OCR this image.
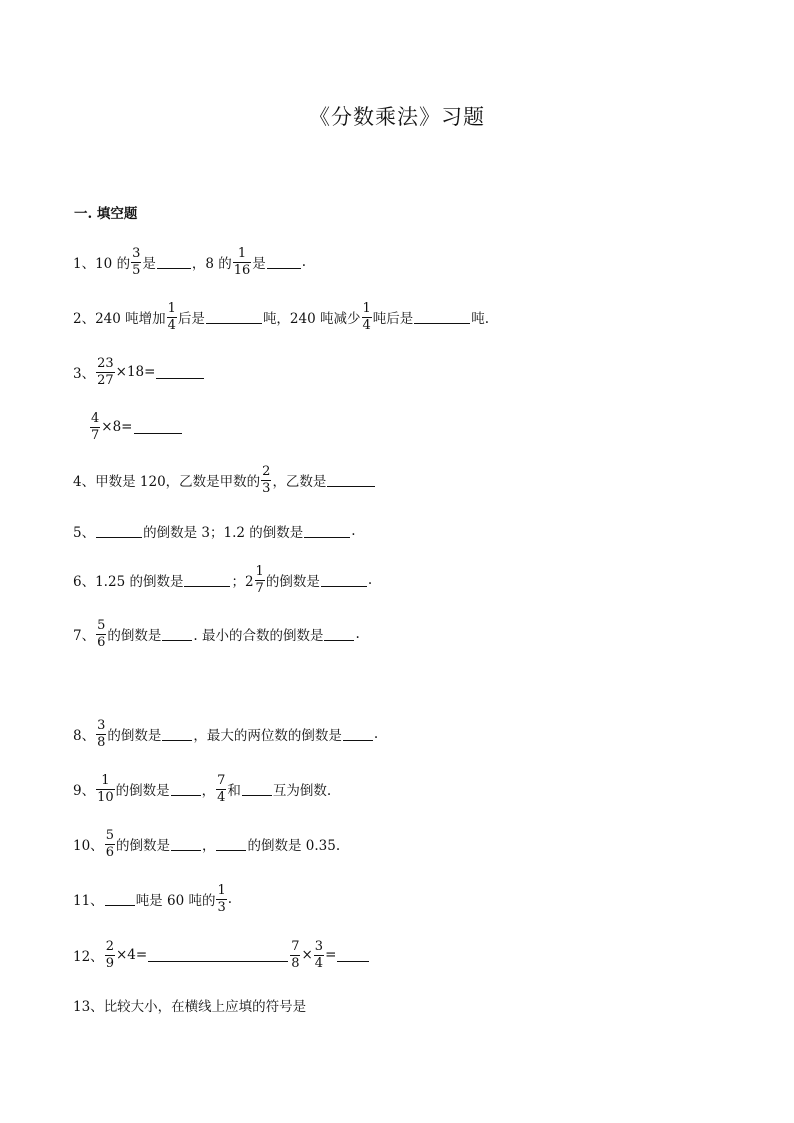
《分数乘法》习题
一. 填空题
1、 10 的 $\frac{3}{5}$ 是	，8 的 $\frac{1}{16}$ 是	.
2、 240 吨增加 $\frac{1}{4}$ 后是	吨，240 吨减少 $\frac{1}{4}$ 吨后是	吨.
3、 $\frac{23}{27} \times 18=$
$\frac{4}{7} \times 8=$
4、 甲数是 120，乙数是甲数的 $\frac{2}{3}$ ，乙数是
5、	的倒数是 3；1.2 的倒数是	.
6、 1.25 的倒数是	；$2 \frac{1}{7}$ 的倒数是	.
7、 $\frac{5}{6}$ 的倒数是 . 最小的合数的倒数是 .
8、 $\frac{3}{8}$ 的倒数是 ，最大的两位数的倒数是 .
9、 $\frac{1}{10}$ 的倒数是 ， $\frac{7}{4}$ 和 互为倒数.
10、 $\frac{5}{6}$ 的倒数是 ， 的倒数是 0.35.
11、 吨是 60 吨的 $\frac{1}{3}$ .
12、 $\frac{2}{9} \times 4=$	$\frac{7}{8} \times \frac{3}{4}$ =
13、 比较大小，在横线上应填的符号是
